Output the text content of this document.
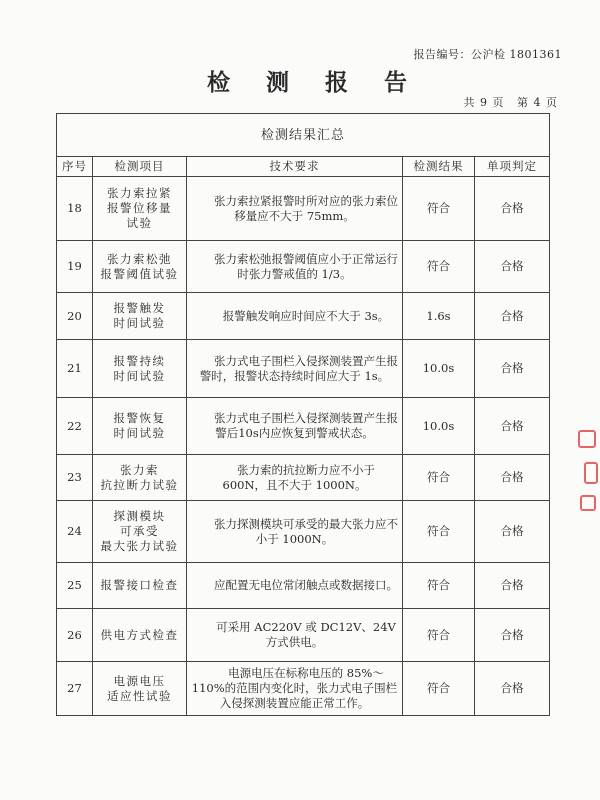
报告编号：公沪检 1801361
检 测 报 告
共 9 页 第 4 页
检测结果汇总				
序号	检测项目	技术要求	检测结果	单项判定
18	张力索拉紧
报警位移量
试验	　　张力索拉紧报警时所对应的张力索位移量应不大于 75mm。	符合	合格
19	张力索松弛
报警阈值试验	　　张力索松弛报警阈值应小于正常运行时张力警戒值的 1/3。	符合	合格
20	报警触发
时间试验	　　报警触发响应时间应不大于 3s。	1.6s	合格
21	报警持续
时间试验	　　张力式电子围栏入侵探测装置产生报警时，报警状态持续时间应大于 1s。	10.0s	合格
22	报警恢复
时间试验	　　张力式电子围栏入侵探测装置产生报警后10s内应恢复到警戒状态。	10.0s	合格
23	张力索
抗拉断力试验	　　张力索的抗拉断力应不小于 600N，且不大于 1000N。	符合	合格
24	探测模块
可承受
最大张力试验	　　张力探测模块可承受的最大张力应不小于 1000N。	符合	合格
25	报警接口检查	　　应配置无电位常闭触点或数据接口。	符合	合格
26	供电方式检查	　　可采用 AC220V 或 DC12V、24V 方式供电。	符合	合格
27	电源电压
适应性试验	　　电源电压在标称电压的 85%～110%的范围内变化时，张力式电子围栏入侵探测装置应能正常工作。	符合	合格
